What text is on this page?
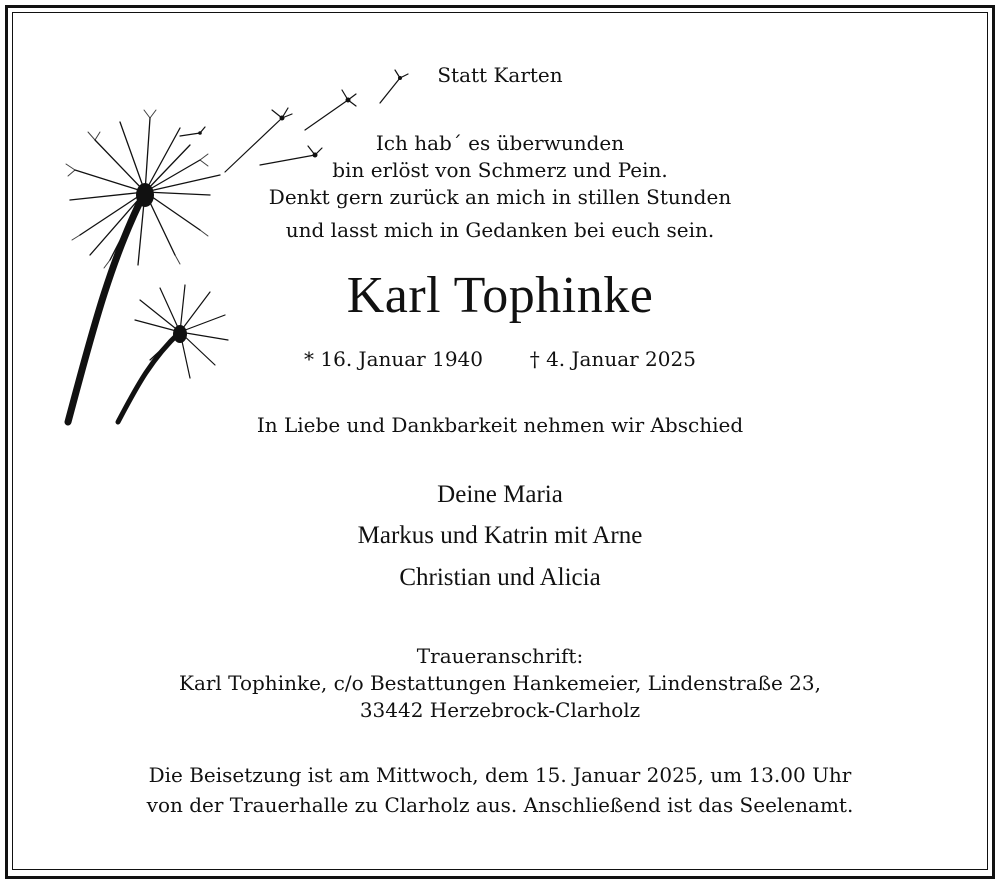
Statt Karten
Ich hab´ es überwunden
bin erlöst von Schmerz und Pein.
Denkt gern zurück an mich in stillen Stunden
und lasst mich in Gedanken bei euch sein.
Karl Tophinke
* 16. Januar 1940 † 4. Januar 2025
In Liebe und Dankbarkeit nehmen wir Abschied
Deine Maria
Markus und Katrin mit Arne
Christian und Alicia
Traueranschrift:
Karl Tophinke, c/o Bestattungen Hankemeier, Lindenstraße 23,
33442 Herzebrock-Clarholz
Die Beisetzung ist am Mittwoch, dem 15. Januar 2025, um 13.00 Uhr
von der Trauerhalle zu Clarholz aus. Anschließend ist das Seelenamt.
